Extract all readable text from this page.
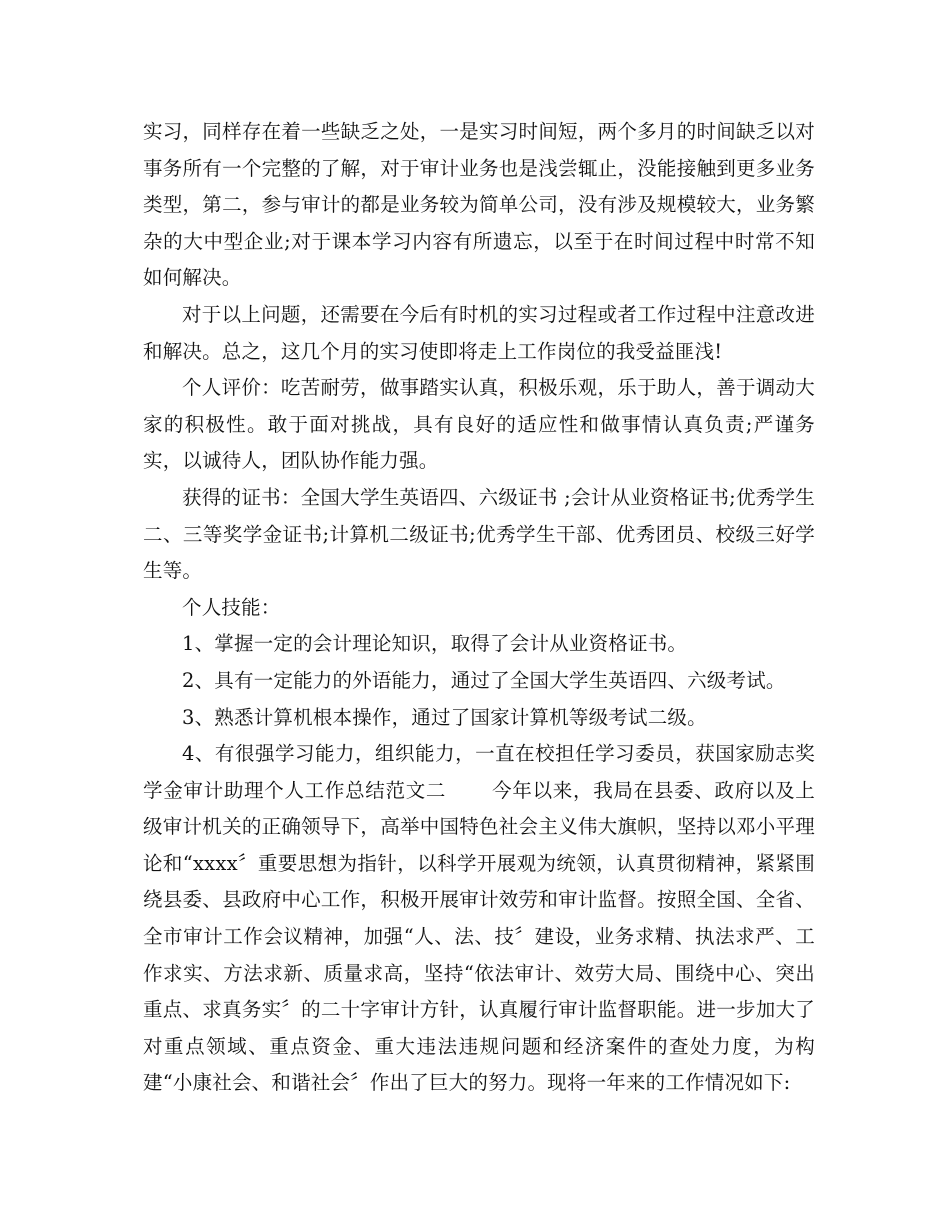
实习，同样存在着一些缺乏之处，一是实习时间短，两个多月的时间缺乏以对事务所有一个完整的了解，对于审计业务也是浅尝辄止，没能接触到更多业务类型，第二，参与审计的都是业务较为简单公司，没有涉及规模较大，业务繁杂的大中型企业;对于课本学习内容有所遗忘，以至于在时间过程中时常不知如何解决。

对于以上问题，还需要在今后有时机的实习过程或者工作过程中注意改进和解决。总之，这几个月的实习使即将走上工作岗位的我受益匪浅!

个人评价：吃苦耐劳，做事踏实认真，积极乐观，乐于助人，善于调动大家的积极性。敢于面对挑战，具有良好的适应性和做事情认真负责;严谨务实，以诚待人，团队协作能力强。

获得的证书：全国大学生英语四、六级证书 ;会计从业资格证书;优秀学生二、三等奖学金证书;计算机二级证书;优秀学生干部、优秀团员、校级三好学生等。

个人技能：

1、掌握一定的会计理论知识，取得了会计从业资格证书。

2、具有一定能力的外语能力，通过了全国大学生英语四、六级考试。

3、熟悉计算机根本操作，通过了国家计算机等级考试二级。

4、有很强学习能力，组织能力，一直在校担任学习委员，获国家励志奖学金审计助理个人工作总结范文二 今年以来，我局在县委、政府以及上级审计机关的正确领导下，高举中国特色社会主义伟大旗帜，坚持以邓小平理论和“xxxx〞重要思想为指针，以科学开展观为统领，认真贯彻精神，紧紧围绕县委、县政府中心工作，积极开展审计效劳和审计监督。按照全国、全省、全市审计工作会议精神，加强“人、法、技〞建设，业务求精、执法求严、工作求实、方法求新、质量求高，坚持“依法审计、效劳大局、围绕中心、突出重点、求真务实〞的二十字审计方针，认真履行审计监督职能。进一步加大了对重点领域、重点资金、重大违法违规问题和经济案件的查处力度，为构建“小康社会、和谐社会〞作出了巨大的努力。现将一年来的工作情况如下:
